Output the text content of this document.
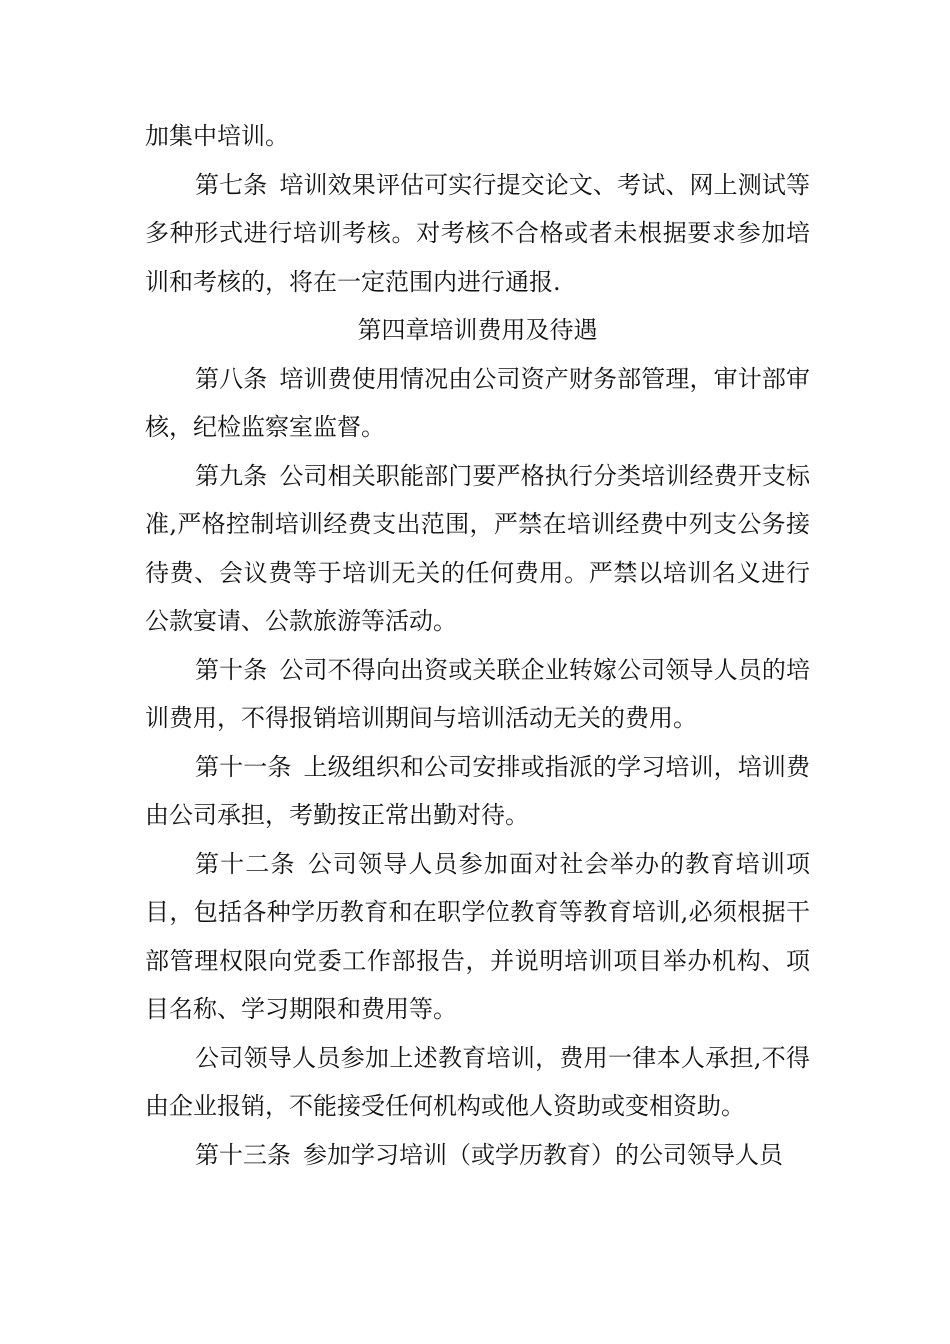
加集中培训。

第七条 培训效果评估可实行提交论文、考试、网上测试等多种形式进行培训考核。对考核不合格或者未根据要求参加培训和考核的，将在一定范围内进行通报.

第四章培训费用及待遇

第八条 培训费使用情况由公司资产财务部管理，审计部审核，纪检监察室监督。

第九条 公司相关职能部门要严格执行分类培训经费开支标准,严格控制培训经费支出范围，严禁在培训经费中列支公务接待费、会议费等于培训无关的任何费用。严禁以培训名义进行公款宴请、公款旅游等活动。

第十条 公司不得向出资或关联企业转嫁公司领导人员的培训费用，不得报销培训期间与培训活动无关的费用。

第十一条 上级组织和公司安排或指派的学习培训，培训费由公司承担，考勤按正常出勤对待。

第十二条 公司领导人员参加面对社会举办的教育培训项目，包括各种学历教育和在职学位教育等教育培训,必须根据干部管理权限向党委工作部报告，并说明培训项目举办机构、项目名称、学习期限和费用等。

公司领导人员参加上述教育培训，费用一律本人承担,不得由企业报销，不能接受任何机构或他人资助或变相资助。

第十三条 参加学习培训（或学历教育）的公司领导人员
